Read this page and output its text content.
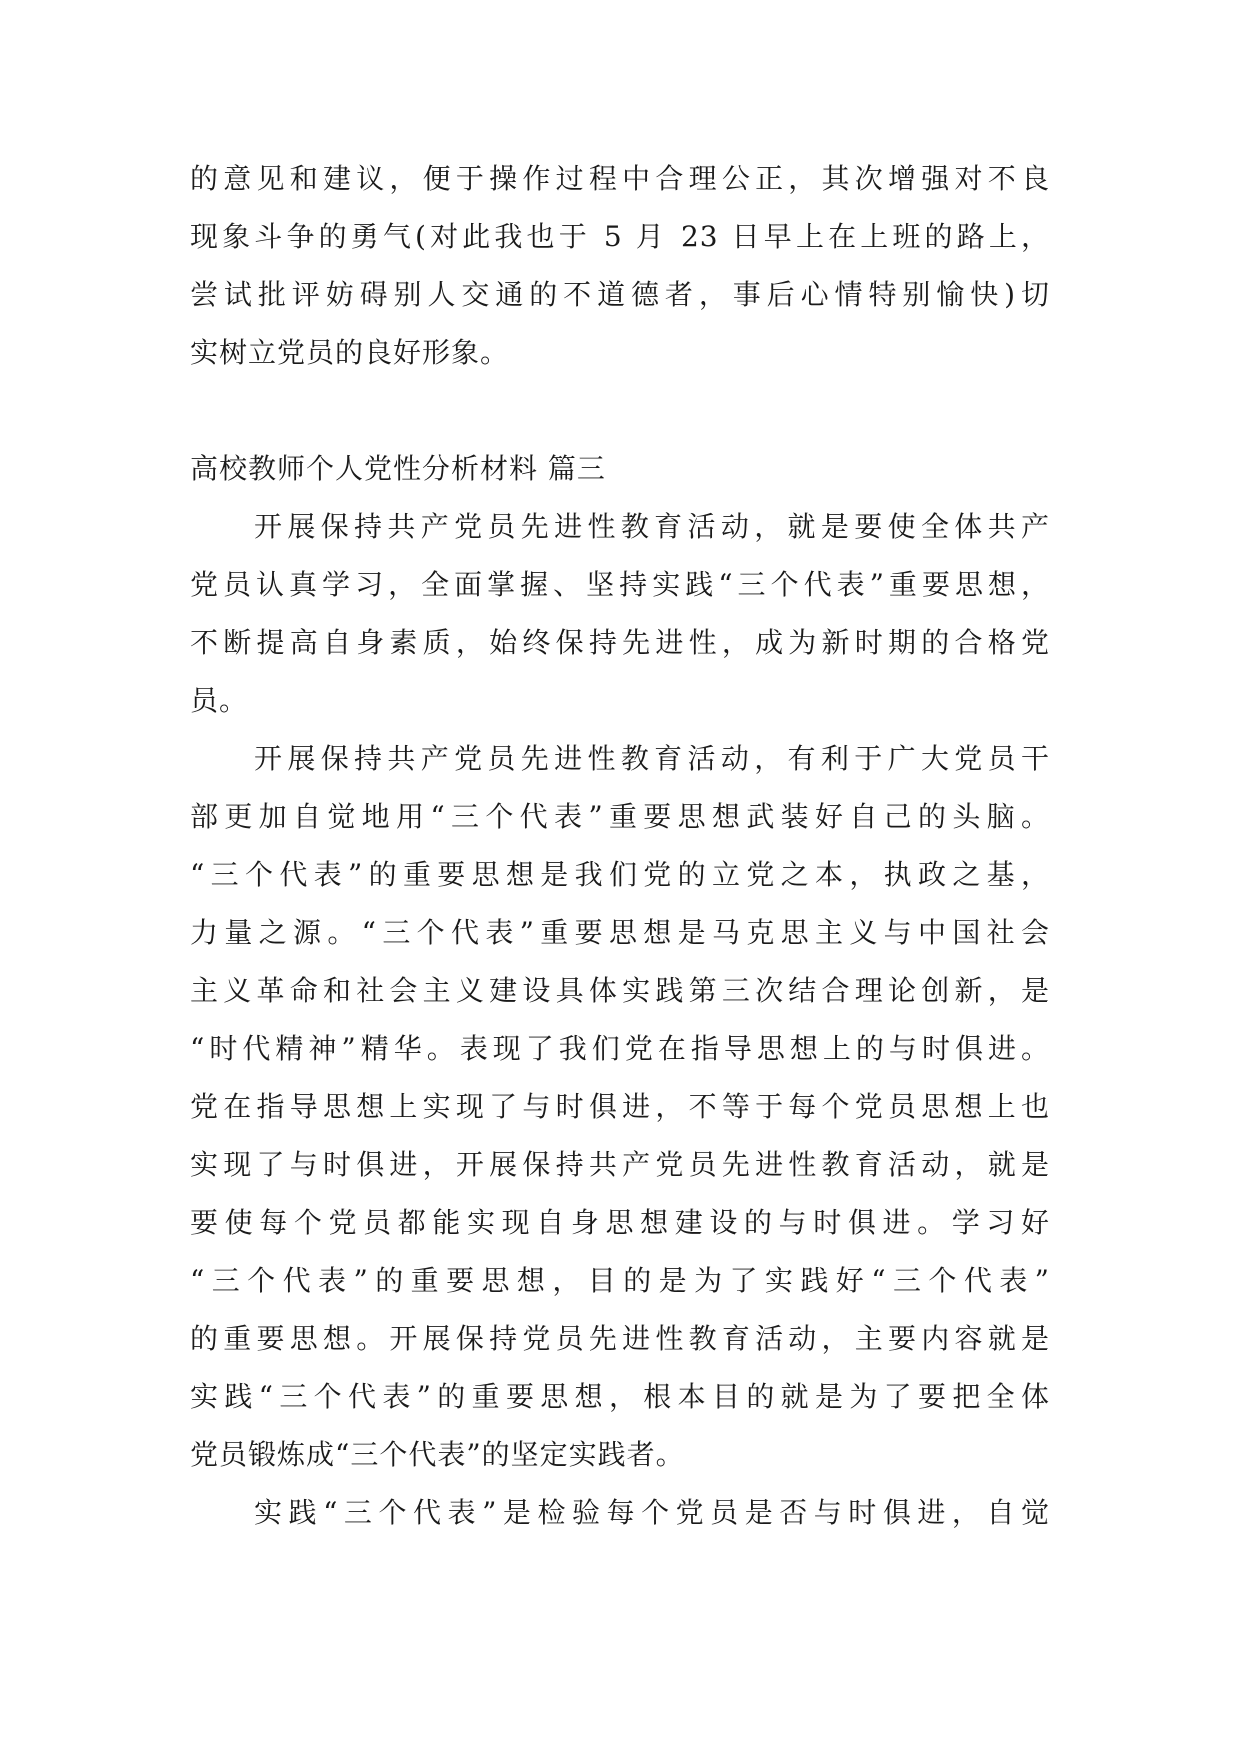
的意见和建议，便于操作过程中合理公正，其次增强对不良
现象斗争的勇气(对此我也于 5 月 23 日早上在上班的路上，
尝试批评妨碍别人交通的不道德者，事后心情特别愉快)切
实树立党员的良好形象。
高校教师个人党性分析材料 篇三
开展保持共产党员先进性教育活动，就是要使全体共产
党员认真学习，全面掌握、坚持实践“三个代表”重要思想，
不断提高自身素质，始终保持先进性，成为新时期的合格党
员。
开展保持共产党员先进性教育活动，有利于广大党员干
部更加自觉地用“三个代表”重要思想武装好自己的头脑。
“三个代表”的重要思想是我们党的立党之本，执政之基，
力量之源。“三个代表”重要思想是马克思主义与中国社会
主义革命和社会主义建设具体实践第三次结合理论创新，是
“时代精神”精华。表现了我们党在指导思想上的与时俱进。
党在指导思想上实现了与时俱进，不等于每个党员思想上也
实现了与时俱进，开展保持共产党员先进性教育活动，就是
要使每个党员都能实现自身思想建设的与时俱进。学习好
“三个代表”的重要思想，目的是为了实践好“三个代表”
的重要思想。开展保持党员先进性教育活动，主要内容就是
实践“三个代表”的重要思想，根本目的就是为了要把全体
党员锻炼成“三个代表”的坚定实践者。
实践“三个代表”是检验每个党员是否与时俱进，自觉
